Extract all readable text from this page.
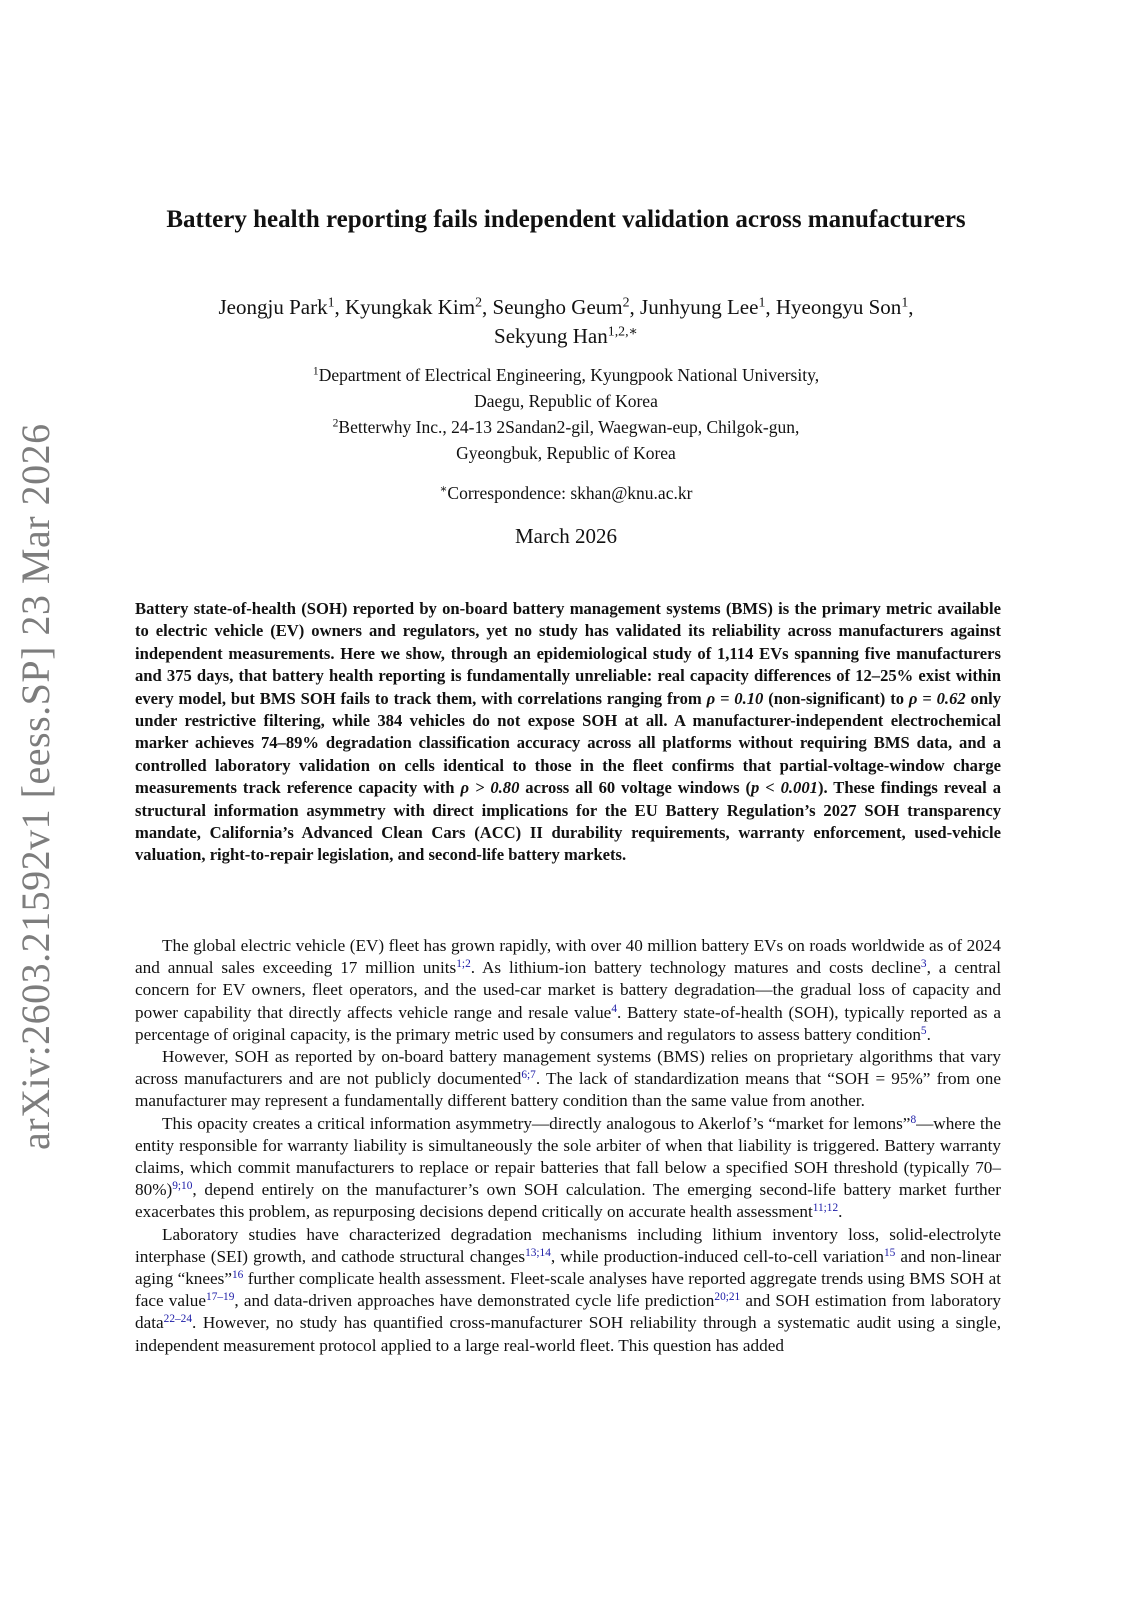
arXiv:2603.21592v1 [eess.SP] 23 Mar 2026
Battery health reporting fails independent validation across manufacturers
Jeongju Park$^1$, Kyungkak Kim$^2$, Seungho Geum$^2$, Junhyung Lee$^1$, Hyeongyu Son$^1$,
Sekyung Han$^{1,2,∗}$
$^1$Department of Electrical Engineering, Kyungpook National University,
Daegu, Republic of Korea
$^2$Betterwhy Inc., 24-13 2Sandan2-gil, Waegwan-eup, Chilgok-gun,
Gyeongbuk, Republic of Korea
∗Correspondence: skhan@knu.ac.kr
March 2026
Battery state-of-health (SOH) reported by on-board battery management systems (BMS) is the primary metric available to electric vehicle (EV) owners and regulators, yet no study has validated its reliability across manufacturers against independent measurements. Here we show, through an epidemiological study of 1,114 EVs spanning five manufacturers and 375 days, that battery health reporting is fundamentally unreliable: real capacity differences of 12–25% exist within every model, but BMS SOH fails to track them, with correlations ranging from ρ = 0.10 (non-significant) to ρ = 0.62 only under restrictive filtering, while 384 vehicles do not expose SOH at all. A manufacturer-independent electrochemical marker achieves 74–89% degradation classification accuracy across all platforms without requiring BMS data, and a controlled laboratory validation on cells identical to those in the fleet confirms that partial-voltage-window charge measurements track reference capacity with ρ > 0.80 across all 60 voltage windows (p < 0.001). These findings reveal a structural information asymmetry with direct implications for the EU Battery Regulation’s 2027 SOH transparency mandate, California’s Advanced Clean Cars (ACC) II durability requirements, warranty enforcement, used-vehicle valuation, right-to-repair legislation, and second-life battery markets.

The global electric vehicle (EV) fleet has grown rapidly, with over 40 million battery EVs on roads worldwide as of 2024 and annual sales exceeding 17 million units$^{1;2}$. As lithium-ion battery technology matures and costs decline$^3$, a central concern for EV owners, fleet operators, and the used-car market is battery degradation—the gradual loss of capacity and power capability that directly affects vehicle range and resale value$^4$. Battery state-of-health (SOH), typically reported as a percentage of original capacity, is the primary metric used by consumers and regulators to assess battery condition$^5$.

However, SOH as reported by on-board battery management systems (BMS) relies on proprietary algorithms that vary across manufacturers and are not publicly documented$^{6;7}$. The lack of standardization means that “SOH = 95%” from one manufacturer may represent a fundamentally different battery condition than the same value from another.

This opacity creates a critical information asymmetry—directly analogous to Akerlof’s “market for lemons”$^8$—where the entity responsible for warranty liability is simultaneously the sole arbiter of when that liability is triggered. Battery warranty claims, which commit manufacturers to replace or repair batteries that fall below a specified SOH threshold (typically 70–80%)$^{9;10}$, depend entirely on the manufacturer’s own SOH calculation. The emerging second-life battery market further exacerbates this problem, as repurposing decisions depend critically on accurate health assessment$^{11;12}$.

Laboratory studies have characterized degradation mechanisms including lithium inventory loss, solid-electrolyte interphase (SEI) growth, and cathode structural changes$^{13;14}$, while production-induced cell-to-cell variation$^{15}$ and non-linear aging “knees”$^{16}$ further complicate health assessment. Fleet-scale analyses have reported aggregate trends using BMS SOH at face value$^{17-19}$, and data-driven approaches have demonstrated cycle life prediction$^{20;21}$ and SOH estimation from laboratory data$^{22-24}$. However, no study has quantified cross-manufacturer SOH reliability through a systematic audit using a single, independent measurement protocol applied to a large real-world fleet. This question has added
